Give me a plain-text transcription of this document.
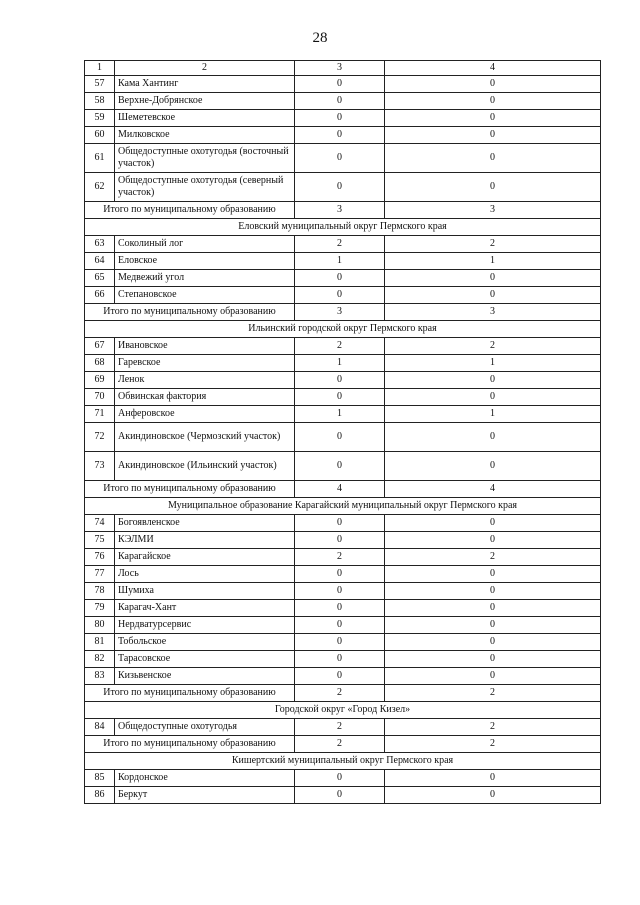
28
1	2	3	4
57	Кама Хантинг	0	0
58	Верхне-Добрянское	0	0
59	Шеметевское	0	0
60	Милковское	0	0
61	Общедоступные охотугодья (восточный участок)	0	0
62	Общедоступные охотугодья (северный участок)	0	0
Итого по муниципальному образованию		3	3
Еловский муниципальный округ Пермского края			
63	Соколиный лог	2	2
64	Еловское	1	1
65	Медвежий угол	0	0
66	Степановское	0	0
Итого по муниципальному образованию		3	3
Ильинский городской округ Пермского края			
67	Ивановское	2	2
68	Гаревское	1	1
69	Ленок	0	0
70	Обвинская фактория	0	0
71	Анферовское	1	1
72	Акиндиновское (Чермозский участок)	0	0
73	Акиндиновское (Ильинский участок)	0	0
Итого по муниципальному образованию		4	4
Муниципальное образование Карагайский муниципальный округ Пермского края			
74	Богоявленское	0	0
75	КЭЛМИ	0	0
76	Карагайское	2	2
77	Лось	0	0
78	Шумиха	0	0
79	Карагач-Хант	0	0
80	Нердватурсервис	0	0
81	Тобольское	0	0
82	Тарасовское	0	0
83	Кизьвенское	0	0
Итого по муниципальному образованию		2	2
Городской округ «Город Кизел»			
84	Общедоступные охотугодья	2	2
Итого по муниципальному образованию		2	2
Кишертский муниципальный округ Пермского края			
85	Кордонское	0	0
86	Беркут	0	0
